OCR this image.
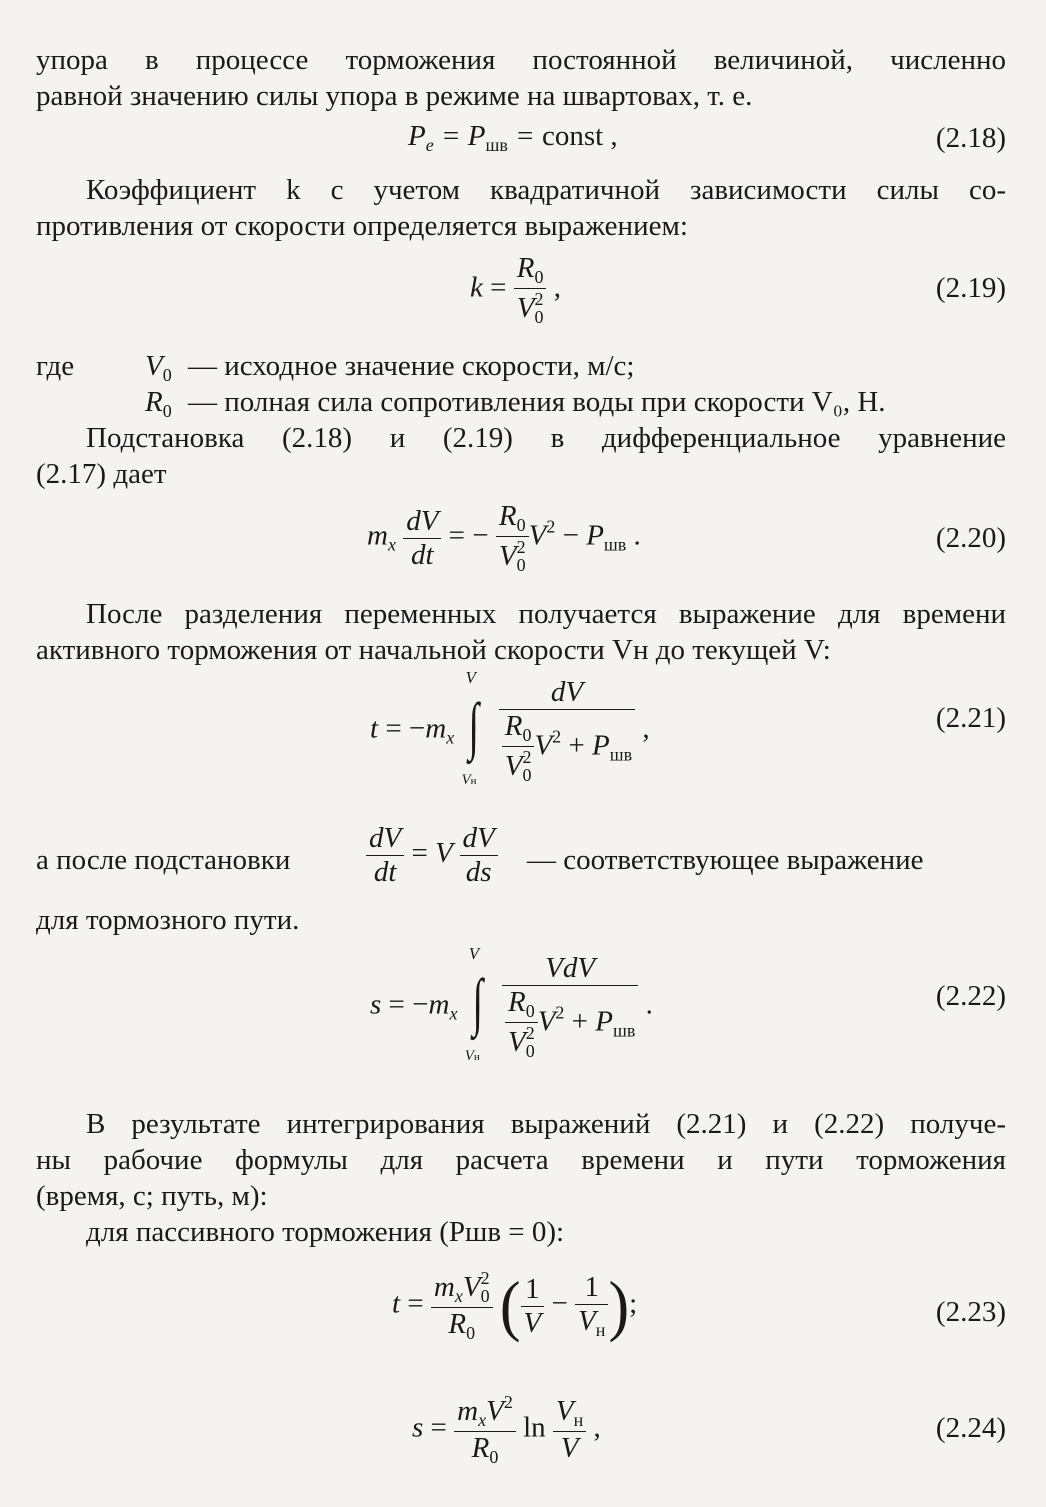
упора в процессе торможения постоянной величиной, численно

равной значению силы упора в режиме на швартовах, т. е.

$P_e = P_{шв}$ = const ,	(2.18)

Коэффициент k с учетом квадратичной зависимости силы со-

противления от скорости определяется выражением:

$k = \frac{R_0}{V_0^2}$ ,	(2.19)
где $V_0$ — исходное значение скорости, м/с;
$R_0$ — полная сила сопротивления воды при скорости V₀, Н.

Подстановка (2.18) и (2.19) в дифференциальное уравнение

(2.17) дает

$m_x \frac{dV}{dt}$ = − $\frac{R_0}{V_0^2} V^2 - P_{шв}$ .	(2.20)

После разделения переменных получается выражение для времени

активного торможения от начальной скорости Vн до текущей V:

$t = -m_x$ ∫
V
Vн
$\frac{dV}{\frac{R_0}{V_0^2} V^2 + P_{шв}}$ ,	(2.21)
а после подстановки	$\frac{dV}{dt} = V \frac{dV}{ds}$ — соответствующее выражение

для тормозного пути.

$s = -m_x$ ∫
V
Vн
$\frac{\text{VdV}}{\frac{R_0}{V_0^2} V^2 + P_{шв}}$ .	(2.22)

В результате интегрирования выражений (2.21) и (2.22) получе-

ны рабочие формулы для расчета времени и пути торможения

(время, с; путь, м):

для пассивного торможения (Pшв = 0):

$t = \frac{m_xV_0^2}{R_0}$ ( $\frac{1}{V} - \frac{1}{V_н}$ );	(2.23)
$s = \frac{m_xV^2}{R_0}$ $\ln \frac{V_н}{V}$ ,	(2.24)
